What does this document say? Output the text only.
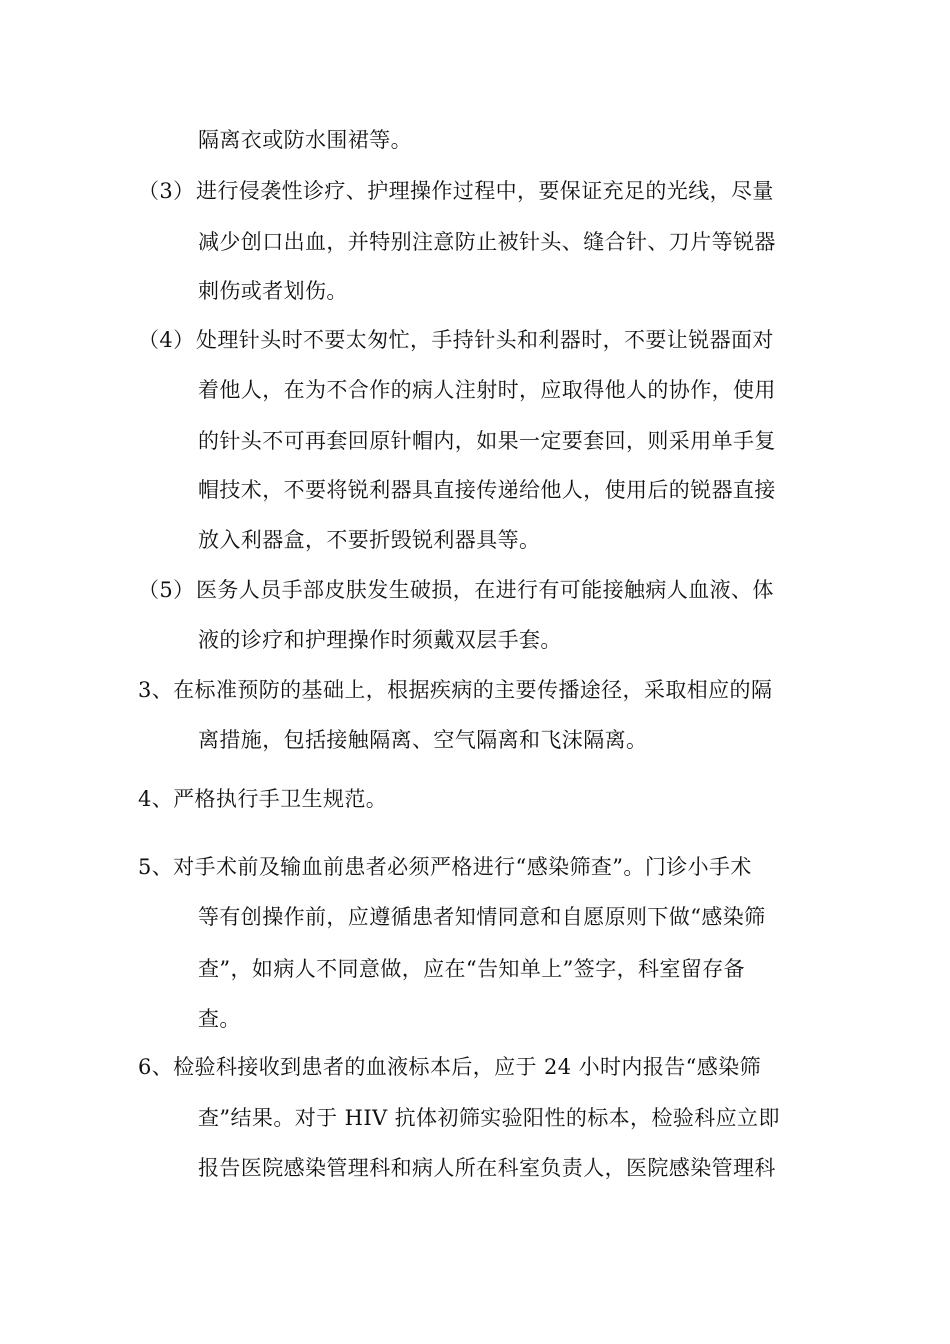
隔离衣或防水围裙等。
（3） 进行侵袭性诊疗、护理操作过程中，要保证充足的光线，尽量
减少创口出血，并特别注意防止被针头、缝合针、刀片等锐器
刺伤或者划伤。
（4） 处理针头时不要太匆忙，手持针头和利器时，不要让锐器面对
着他人，在为不合作的病人注射时，应取得他人的协作，使用
的针头不可再套回原针帽内，如果一定要套回，则采用单手复
帽技术，不要将锐利器具直接传递给他人，使用后的锐器直接
放入利器盒，不要折毁锐利器具等。
（5） 医务人员手部皮肤发生破损，在进行有可能接触病人血液、体
液的诊疗和护理操作时须戴双层手套。
3、在标准预防的基础上，根据疾病的主要传播途径，采取相应的隔
离措施，包括接触隔离、空气隔离和飞沫隔离。
4、严格执行手卫生规范。
5、对手术前及输血前患者必须严格进行“感染筛查”。门诊小手术
等有创操作前，应遵循患者知情同意和自愿原则下做“感染筛
查”，如病人不同意做，应在“告知单上”签字，科室留存备
查。
6、检验科接收到患者的血液标本后，应于 24 小时内报告“感染筛
查”结果。对于 HIV 抗体初筛实验阳性的标本，检验科应立即
报告医院感染管理科和病人所在科室负责人，医院感染管理科
